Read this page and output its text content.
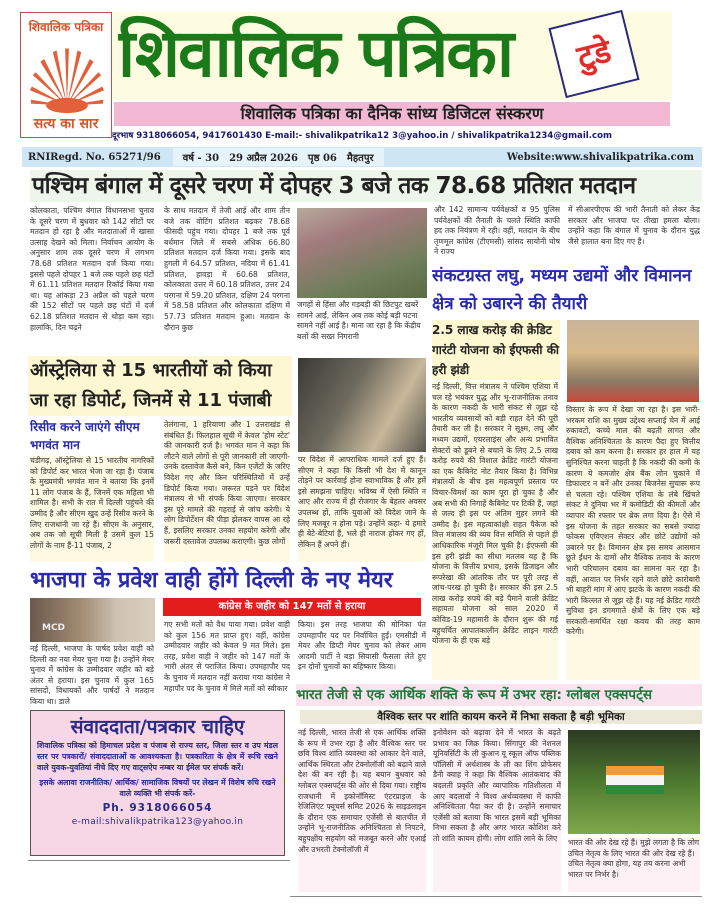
शिवालिक पत्रिका
सत्य का सार
शिवालिक पत्रिका	टुडे
शिवालिक पत्रिका का दैनिक सांध्य डिजिटल संस्करण
दूरभाष 9318066054, 9417601430 E-mail:- shivalikpatrika12 3@yahoo.in / shivalikpatrika1234@gmail.com
RNIRegd. No. 65271/96 वर्ष - 30 29 अप्रैल 2026 पृष्ठ 06 मैहतपुर	Website:www.shivalikpatrika.com
पश्चिम बंगाल में दूसरे चरण में दोपहर 3 बजे तक 78.68 प्रतिशत मतदान
कोलकाता, पश्चिम बंगाल विधानसभा चुनाव के दूसरे चरण में बुधवार को 142 सीटों पर मतदान हो रहा है और मतदाताओं में खासा उत्साह देखने को मिला। निर्वाचन आयोग के अनुसार शाम तक दूसरे चरण में लगभग 78.68 प्रतिशत मतदान दर्ज किया गया। इससे पहले दोपहर 1 बजे तक पहले छह घंटों में 61.11 प्रतिशत मतदान रिकॉर्ड किया गया था। यह आंकड़ा 23 अप्रैल को पहले चरण की 152 सीटों पर पहले छह घंटों में दर्ज 62.18 प्रतिशत मतदान से थोड़ा कम रहा। हालांकि, दिन चढ़ने
के साथ मतदान में तेजी आई और शाम तीन बजे तक वोटिंग प्रतिशत बढ़कर 78.68 फीसदी पहुंच गया। दोपहर 1 बजे तक पूर्व बर्धमान जिले में सबसे अधिक 66.80 प्रतिशत मतदान दर्ज किया गया। इसके बाद हुगली में 64.57 प्रतिशत, नदिया में 61.41 प्रतिशत, हावड़ा में 60.68 प्रतिशत, कोलकाता उत्तर में 60.18 प्रतिशत, उत्तर 24 परगना में 59.20 प्रतिशत, दक्षिण 24 परगना में 58.58 प्रतिशत और कोलकाता दक्षिण में 57.73 प्रतिशत मतदान हुआ। मतदान के दौरान कुछ
जगहों से हिंसा और गड़बड़ी की छिटपुट खबरें सामने आईं, लेकिन अब तक कोई बड़ी घटना सामने नहीं आई है। माना जा रहा है कि केंद्रीय बलों की सख्त निगरानी
और 142 सामान्य पर्यवेक्षकों व 95 पुलिस पर्यवेक्षकों की तैनाती के चलते स्थिति काफी हद तक नियंत्रण में रही। वहीं, मतदान के बीच तृणमूल कांग्रेस (टीएमसी) सांसद सायोनी घोष ने राज्य
में सीआरपीएफ की भारी तैनाती को लेकर केंद्र सरकार और भाजपा पर तीखा हमला बोला। उन्होंने कहा कि बंगाल में चुनाव के दौरान युद्ध जैसे हालात बना दिए गए हैं।
संकटग्रस्त लघु, मध्यम उद्यमों और विमानन क्षेत्र को उबारने की तैयारी
2.5 लाख करोड़ की क्रेडिट गारंटी योजना को ईएफसी की हरी झंडी
नई दिल्ली, वित्त मंत्रालय ने पश्चिम एशिया में चल रहे भयंकर युद्ध और भू-राजनीतिक तनाव के कारण नकदी के भारी संकट से जूझ रहे भारतीय व्यवसायों को बड़ी राहत देने की पूरी तैयारी कर ली है। सरकार ने सूक्ष्म, लघु और मध्यम उद्यमों, एयरलाइंस और अन्य प्रभावित सेक्टरों को डूबने से बचाने के लिए 2.5 लाख करोड़ रुपये की विशाल क्रेडिट गारंटी योजना का एक कैबिनेट नोट तैयार किया है। विभिन्न मंत्रालयों के बीच इस महत्वपूर्ण प्रस्ताव पर विचार-विमर्श का काम पूरा हो चुका है और अब सभी की निगाहें कैबिनेट पर टिकी हैं, जहां से जल्द ही इस पर अंतिम मुहर लगने की उम्मीद है। इस महत्वाकांक्षी राहत पैकेज को वित्त मंत्रालय की व्यय वित्त समिति से पहले ही आधिकारिक मंजूरी मिल चुकी है। ईएफसी की इस हरी झंडी का सीधा मतलब यह है कि योजना के वित्तीय प्रभाव, इसके डिजाइन और रूपरेखा की आंतरिक तौर पर पूरी तरह से जांच-परख हो चुकी है। सरकार की इस 2.5 लाख करोड़ रुपये की बड़े पैमाने वाली क्रेडिट सहायता योजना को साल 2020 में कोविड-19 महामारी के दौरान शुरू की गई बहुचर्चित आपातकालीन क्रेडिट लाइन गारंटी योजना के ही एक बड़े
विस्तार के रूप में देखा जा रहा है। इस भारी-भरकम राशि का मुख्य उद्देश्य सप्लाई चेन में आई रुकावटों, कच्चे माल की बढ़ती लागत और वैश्विक अनिश्चितता के कारण पैदा हुए वित्तीय दबाव को कम करना है। सरकार हर हाल में यह सुनिश्चित करना चाहती है कि नकदी की कमी के कारण ये कमजोर क्षेत्र बैंक लोन चुकाने में डिफाल्टर न बनें और उनका बिजनेस सुचारू रूप से चलता रहे। पश्चिम एशिया के लंबे खिंचते संकट ने दुनिया भर में कमोडिटी की कीमतों और व्यापार की रफ्तार पर ब्रेक लगा दिया है। ऐसे में इस योजना के तहत सरकार का सबसे ज्यादा फोकस एविएशन सेक्टर और छोटे उद्योगों को उबारने पर है। विमानन क्षेत्र इस समय आसमान छूते ईंधन के दामों और वैश्विक तनाव के कारण भारी परिचालन दबाव का सामना कर रहा है। वहीं, आयात पर निर्भर रहने वाले छोटे कारोबारी भी बाहरी मांग में आए झटके के कारण नकदी की भारी किल्लत से जूझ रहे हैं। यह नई क्रेडिट गारंटी सुविधा इन डगमगाते क्षेत्रों के लिए एक बड़े सरकारी-समर्थित रक्षा कवच की तरह काम करेगी।
ऑस्ट्रेलिया से 15 भारतीयों को किया जा रहा डिपोर्ट, जिनमें से 11 पंजाबी
रिसीव करने जाएंगे सीएम भगवंत मान
चंडीगढ़, ऑस्ट्रेलिया से 15 भारतीय नागरिकों को डिपोर्ट कर भारत भेजा जा रहा है। पंजाब के मुख्यमंत्री भगवंत मान ने बताया कि इनमें 11 लोग पंजाब के हैं, जिनमें एक महिला भी शामिल है। सभी के रात में दिल्ली पहुंचने की उम्मीद है और सीएम खुद उन्हें रिसीव करने के लिए राजधानी जा रहे हैं। सीएम के अनुसार, अब तक जो सूची मिली है उसमें कुल 15 लोगों के नाम हैं-11 पंजाब, 2
तेलंगाना, 1 हरियाणा और 1 उत्तराखंड से संबंधित हैं। फिलहाल सूची में केवल 'होम स्टेट' की जानकारी दर्ज है। भगवंत मान ने कहा कि लौटने वाले लोगों से पूरी जानकारी ली जाएगी- उनके दस्तावेज कैसे बने, किन एजेंटों के जरिए विदेश गए और किन परिस्थितियों में उन्हें डिपोर्ट किया गया। जरूरत पड़ने पर विदेश मंत्रालय से भी संपर्क किया जाएगा। सरकार इस पूरे मामले की गहराई से जांच करेगी। ये लोग डिपोर्टेशन की पीड़ा झेलकर वापस आ रहे हैं, इसलिए सरकार उनका सहयोग करेगी और जरूरी दस्तावेज उपलब्ध कराएगी। कुछ लोगों
पर विदेश में आपराधिक मामले दर्ज हुए हैं। सीएम ने कहा कि किसी भी देश में कानून तोड़ने पर कार्रवाई होना स्वाभाविक है और हमें इसे समझना चाहिए। भविष्य में ऐसी स्थिति न आए और राज्य में ही रोजगार के बेहतर अवसर उपलब्ध हों, ताकि युवाओं को विदेश जाने के लिए मजबूर न होना पड़े। उन्होंने कहा- ये हमारे ही बेटे-बेटियां हैं, भले ही नाराज होकर गए हों, लेकिन हैं अपने ही।
भाजपा के प्रवेश वाही होंगे दिल्ली के नए मेयर
MCD
कांग्रेस के जहीर को 147 मतों से हराया
नई दिल्ली, भाजपा के पार्षद प्रवेश वाही को दिल्ली का नया मेयर चुना गया है। उन्होंने मेयर चुनाव में कांग्रेस के उम्मीदवार जहीर को बड़े अंतर से हराया। इस चुनाव में कुल 165 सांसदों, विधायकों और पार्षदों ने मतदान किया था। डाले
गए सभी मतों को वैध पाया गया। प्रवेश वाही को कुल 156 मत प्राप्त हुए। वहीं, कांग्रेस उम्मीदवार जहीर को केवल 9 मत मिले। इस तरह, प्रवेश वाही ने जहीर को 147 मतों के भारी अंतर से पराजित किया। उपमहापौर पद के चुनाव में मतदान नहीं कराया गया कांग्रेस ने महापौर पद के चुनाव में मिले मतों को स्वीकार
किया। इस तरह भाजपा की मोनिका पंत उपमहापौर पद पर निर्वाचित हुईं। एमसीडी में मेयर और डिप्टी मेयर चुनाव को लेकर आम आदमी पार्टी ने बड़ा सियासी फैसला लेते हुए इन दोनों चुनावों का बहिष्कार किया।
भारत तेजी से एक आर्थिक शक्ति के रूप में उभर रहा: ग्लोबल एक्सपर्ट्स
वैश्विक स्तर पर शांति कायम करने में निभा सकता है बड़ी भूमिका
नई दिल्ली, भारत तेजी से एक आर्थिक शक्ति के रूप में उभर रहा है और वैश्विक स्तर पर छवि विश्व शांति व्यवस्था को आकार देने वाले, आर्थिक स्थिरता और टेक्नोलॉजी को बढ़ाने वाले देश की बन रही है। यह बयान बुधवार को ग्लोबल एक्सपर्ट्स की ओर से दिया गया। राष्ट्रीय राजधानी में इकोनॉमिस्ट एंटरप्राइज के रेजिलिएंट फ्यूचर्स समिट 2026 के साइडलाइन के दौरान एक समाचार एजेंसी से बातचीत में उन्होंने भू-राजनीतिक अनिश्चितता से निपटने, बहुपक्षीय सहयोग को मजबूत करने और एआई और उभरती टेक्नोलॉजी में
इनोवेशन को बढ़ावा देने में भारत के बढ़ते प्रभाव का जिक्र किया। सिंगापुर की नेशनल यूनिवर्सिटी के ली कुआन यू स्कूल ऑफ पब्लिक पॉलिसी में अर्थशास्त्र के ली का शिंग प्रोफेसर डैनी क्वाह ने कहा कि वैश्विक आतंकवाद की बदलती प्रकृति और व्यापारिक गतिशीलता में आए बदलावों ने विश्व अर्थव्यवस्था में काफी अनिश्चितता पैदा कर दी है। उन्होंने समाचार एजेंसी को बताया कि भारत इसमें बड़ी भूमिका निभा सकता है और अगर भारत कोशिश करे तो शांति कायम होगी। लोग शांति लाने के लिए	भारत की ओर देख रहे हैं। मुझे लगता है कि लोग उचित नेतृत्व के लिए भारत की ओर देख रहे हैं। उचित नेतृत्व क्या होगा, यह तय करना अभी भारत पर निर्भर है।
संवाददाता/पत्रकार चाहिए
शिवालिक पत्रिका को हिमाचल प्रदेश व पंजाब से राज्य स्तर, जिला स्तर व उप मंडल स्तर पर पत्रकारों/ संवाददाताओं क आवश्यकता है। पत्रकारिता के क्षेत्र में रूचि रखने वाले युवक-युवतियां नीचे दिए गए वाट्सऐप नम्बर या ईमेल पर संपर्क करें।
इसके अलावा राजनीतिक/ आर्थिक/ सामाजिक विषयों पर लेखन में विशेष रुचि रखने वाले व्यक्ति भी संपर्क करें-
Ph. 9318066054
e-mail:shivalikpatrika123@yahoo.in
